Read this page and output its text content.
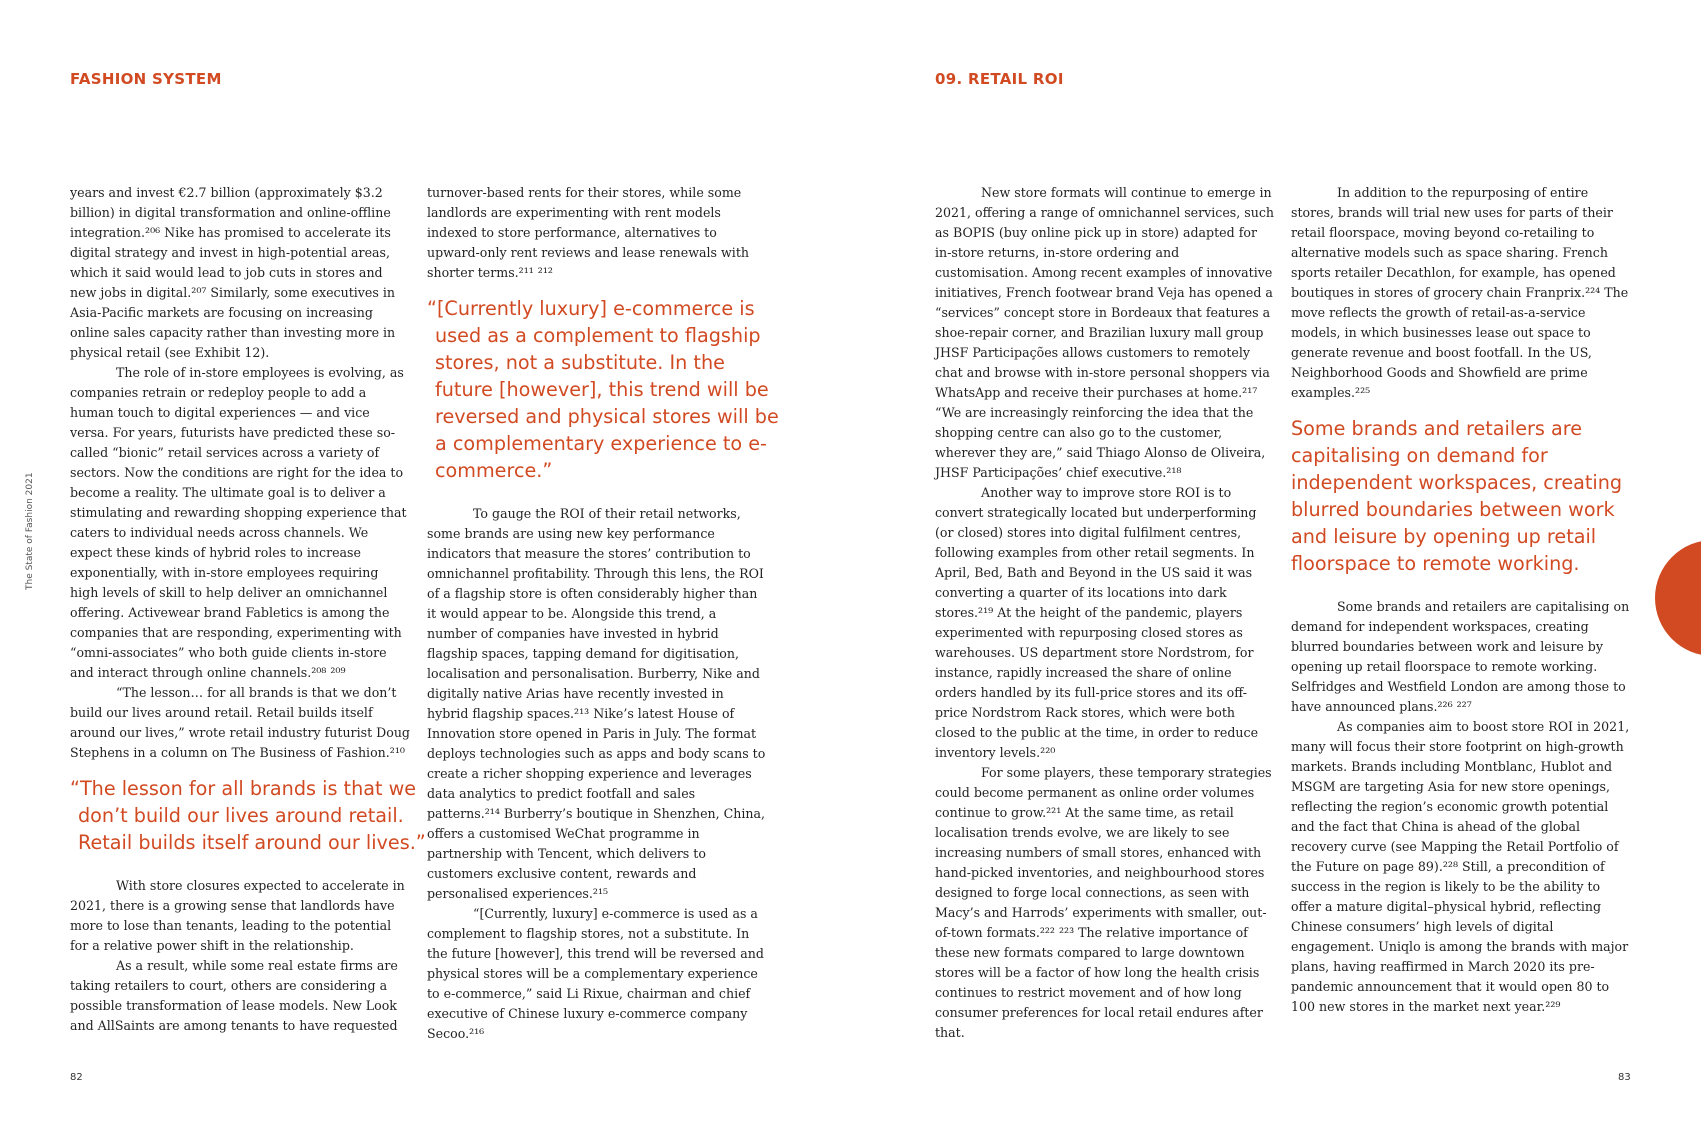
FASHION SYSTEM	09. RETAIL ROI
The State of Fashion 2021

years and invest €2.7 billion (approximately $3.2 billion) in digital transformation and online-offline integration.²⁰⁶ Nike has promised to accelerate its digital strategy and invest in high-potential areas, which it said would lead to job cuts in stores and new jobs in digital.²⁰⁷ Similarly, some executives in Asia-Pacific markets are focusing on increasing online sales capacity rather than investing more in physical retail (see Exhibit 12).

The role of in-store employees is evolving, as companies retrain or redeploy people to add a human touch to digital experiences — and vice versa. For years, futurists have predicted these so-called “bionic” retail services across a variety of sectors. Now the conditions are right for the idea to become a reality. The ultimate goal is to deliver a stimulating and rewarding shopping experience that caters to individual needs across channels. We expect these kinds of hybrid roles to increase exponentially, with in-store employees requiring high levels of skill to help deliver an omnichannel offering. Activewear brand Fabletics is among the companies that are responding, experimenting with “omni-associates” who both guide clients in-store and interact through online channels.²⁰⁸ ²⁰⁹

“The lesson… for all brands is that we don’t build our lives around retail. Retail builds itself around our lives,” wrote retail industry futurist Doug Stephens in a column on The Business of Fashion.²¹⁰

“The lesson for all brands is that we don’t build our lives around retail. Retail builds itself around our lives.”

With store closures expected to accelerate in 2021, there is a growing sense that landlords have more to lose than tenants, leading to the potential for a relative power shift in the relationship.

As a result, while some real estate firms are taking retailers to court, others are considering a possible transformation of lease models. New Look and AllSaints are among tenants to have requested

turnover-based rents for their stores, while some landlords are experimenting with rent models indexed to store performance, alternatives to upward-only rent reviews and lease renewals with shorter terms.²¹¹ ²¹²

“[Currently luxury] e-commerce is used as a complement to flagship stores, not a substitute. In the future [however], this trend will be reversed and physical stores will be a complementary experience to e-commerce.”

To gauge the ROI of their retail networks, some brands are using new key performance indicators that measure the stores’ contribution to omnichannel profitability. Through this lens, the ROI of a flagship store is often considerably higher than it would appear to be. Alongside this trend, a number of companies have invested in hybrid flagship spaces, tapping demand for digitisation, localisation and personalisation. Burberry, Nike and digitally native Arias have recently invested in hybrid flagship spaces.²¹³ Nike’s latest House of Innovation store opened in Paris in July. The format deploys technologies such as apps and body scans to create a richer shopping experience and leverages data analytics to predict footfall and sales patterns.²¹⁴ Burberry’s boutique in Shenzhen, China, offers a customised WeChat programme in partnership with Tencent, which delivers to customers exclusive content, rewards and personalised experiences.²¹⁵

“[Currently, luxury] e-commerce is used as a complement to flagship stores, not a substitute. In the future [however], this trend will be reversed and physical stores will be a complementary experience to e-commerce,” said Li Rixue, chairman and chief executive of Chinese luxury e-commerce company Secoo.²¹⁶

New store formats will continue to emerge in 2021, offering a range of omnichannel services, such as BOPIS (buy online pick up in store) adapted for in-store returns, in-store ordering and customisation. Among recent examples of innovative initiatives, French footwear brand Veja has opened a “services” concept store in Bordeaux that features a shoe-repair corner, and Brazilian luxury mall group JHSF Participações allows customers to remotely chat and browse with in-store personal shoppers via WhatsApp and receive their purchases at home.²¹⁷ “We are increasingly reinforcing the idea that the shopping centre can also go to the customer, wherever they are,” said Thiago Alonso de Oliveira, JHSF Participações’ chief executive.²¹⁸

Another way to improve store ROI is to convert strategically located but underperforming (or closed) stores into digital fulfilment centres, following examples from other retail segments. In April, Bed, Bath and Beyond in the US said it was converting a quarter of its locations into dark stores.²¹⁹ At the height of the pandemic, players experimented with repurposing closed stores as warehouses. US department store Nordstrom, for instance, rapidly increased the share of online orders handled by its full-price stores and its off-price Nordstrom Rack stores, which were both closed to the public at the time, in order to reduce inventory levels.²²⁰

For some players, these temporary strategies could become permanent as online order volumes continue to grow.²²¹ At the same time, as retail localisation trends evolve, we are likely to see increasing numbers of small stores, enhanced with hand-picked inventories, and neighbourhood stores designed to forge local connections, as seen with Macy’s and Harrods’ experiments with smaller, out-of-town formats.²²² ²²³ The relative importance of these new formats compared to large downtown stores will be a factor of how long the health crisis continues to restrict movement and of how long consumer preferences for local retail endures after that.

In addition to the repurposing of entire stores, brands will trial new uses for parts of their retail floorspace, moving beyond co-retailing to alternative models such as space sharing. French sports retailer Decathlon, for example, has opened boutiques in stores of grocery chain Franprix.²²⁴ The move reflects the growth of retail-as-a-service models, in which businesses lease out space to generate revenue and boost footfall. In the US, Neighborhood Goods and Showfield are prime examples.²²⁵

Some brands and retailers are capitalising on demand for independent workspaces, creating blurred boundaries between work and leisure by opening up retail floorspace to remote working.

Some brands and retailers are capitalising on demand for independent workspaces, creating blurred boundaries between work and leisure by opening up retail floorspace to remote working. Selfridges and Westfield London are among those to have announced plans.²²⁶ ²²⁷

As companies aim to boost store ROI in 2021, many will focus their store footprint on high-growth markets. Brands including Montblanc, Hublot and MSGM are targeting Asia for new store openings, reflecting the region’s economic growth potential and the fact that China is ahead of the global recovery curve (see Mapping the Retail Portfolio of the Future on page 89).²²⁸ Still, a precondition of success in the region is likely to be the ability to offer a mature digital–physical hybrid, reflecting Chinese consumers’ high levels of digital engagement. Uniqlo is among the brands with major plans, having reaffirmed in March 2020 its pre-pandemic announcement that it would open 80 to 100 new stores in the market next year.²²⁹

82	83
